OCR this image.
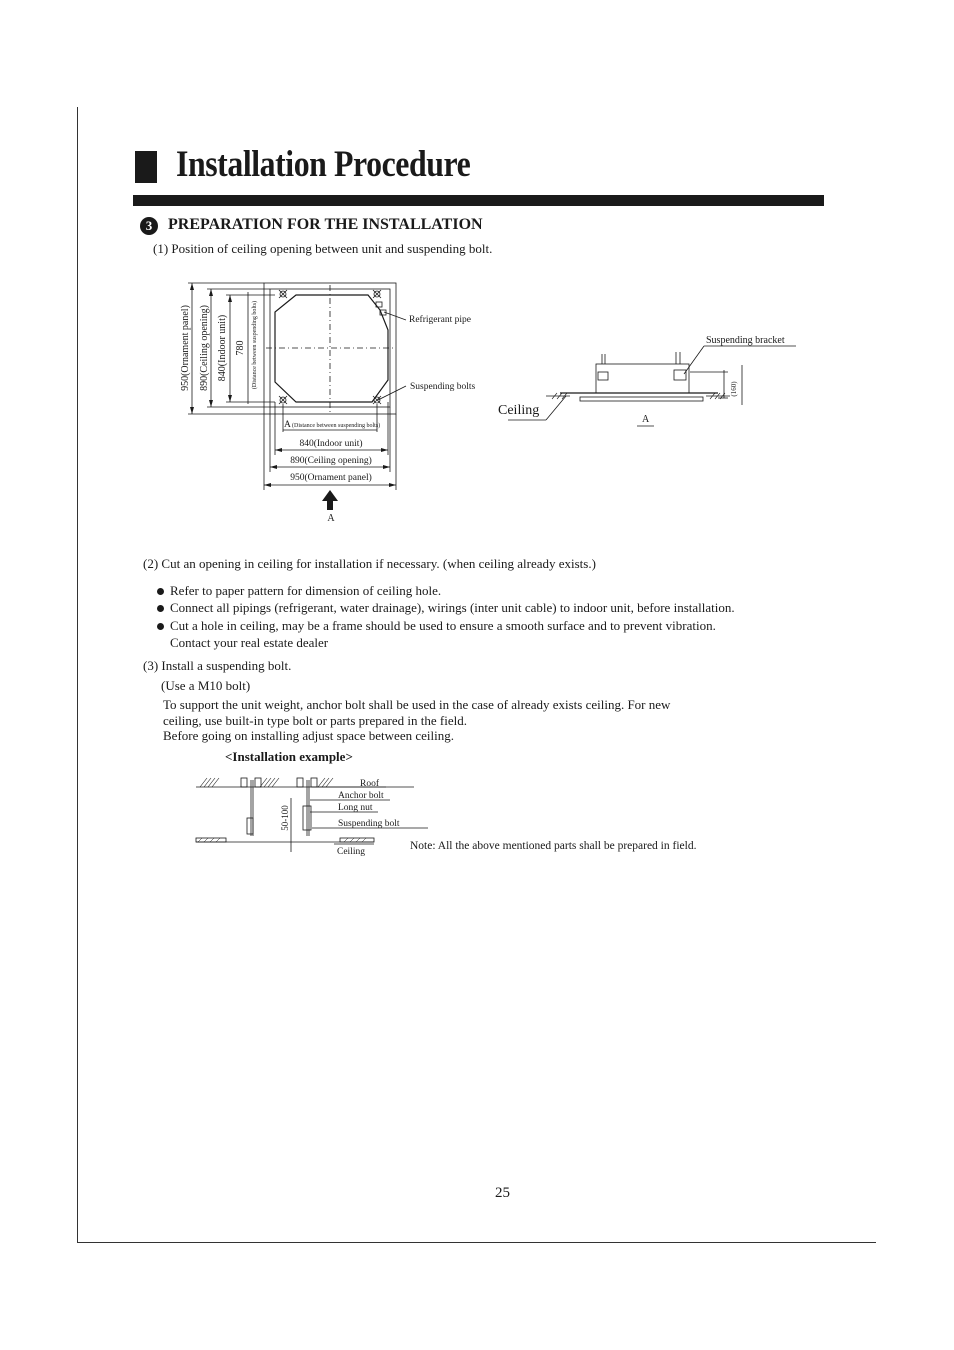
Installation Procedure
3 PREPARATION FOR THE INSTALLATION
(1) Position of ceiling opening between unit and suspending bolt.
950(Ornament panel) 890(Ceiling opening) 840(Indoor unit) 780 (Distance between suspending bolts)	Refrigerant pipe
Suspending bolts
A (Distance between suspending bolts)
840(Indoor unit)
890(Ceiling opening)
950(Ornament panel)
A
Suspending bracket
Ceiling
A
(160)
(2) Cut an opening in ceiling for installation if necessary. (when ceiling already exists.)
Refer to paper pattern for dimension of ceiling hole.
Connect all pipings (refrigerant, water drainage), wirings (inter unit cable) to indoor unit, before installation.
Cut a hole in ceiling, may be a frame should be used to ensure a smooth surface and to prevent vibration.
Contact your real estate dealer
(3) Install a suspending bolt.
(Use a M10 bolt)
To support the unit weight, anchor bolt shall be used in the case of already exists ceiling. For new
ceiling, use built-in type bolt or parts prepared in the field.
Before going on installing adjust space between ceiling.
<Installation example>
Roof
Anchor bolt
Long nut
Suspending bolt
Ceiling
50-100
Note: All the above mentioned parts shall be prepared in field.
25
